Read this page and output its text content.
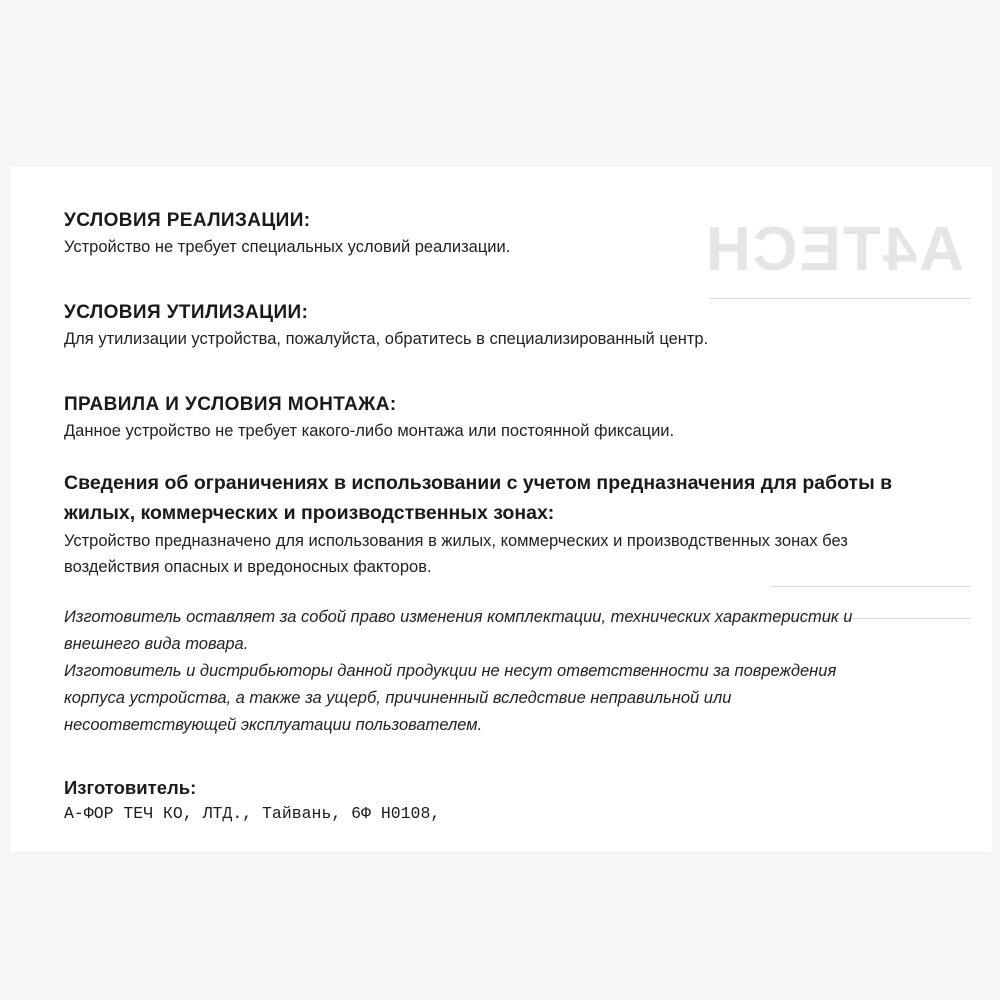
A4TECH

УСЛОВИЯ РЕАЛИЗАЦИИ:

Устройство не требует специальных условий реализации.

УСЛОВИЯ УТИЛИЗАЦИИ:

Для утилизации устройства, пожалуйста, обратитесь в специализированный центр.

ПРАВИЛА И УСЛОВИЯ МОНТАЖА:

Данное устройство не требует какого-либо монтажа или постоянной фиксации.

Сведения об ограничениях в использовании с учетом предназначения для работы в жилых, коммерческих и производственных зонах:

Устройство предназначено для использования в жилых, коммерческих и производственных зонах без воздействия опасных и вредоносных факторов.

Изготовитель оставляет за собой право изменения комплектации, технических характеристик и внешнего вида товара.

Изготовитель и дистрибьюторы данной продукции не несут ответственности за повреждения корпуса устройства, а также за ущерб, причиненный вследствие неправильной или несоответствующей эксплуатации пользователем.

Изготовитель:

А-ФОР ТЕЧ КО, ЛТД., Тайвань, 6Ф Н0108,
